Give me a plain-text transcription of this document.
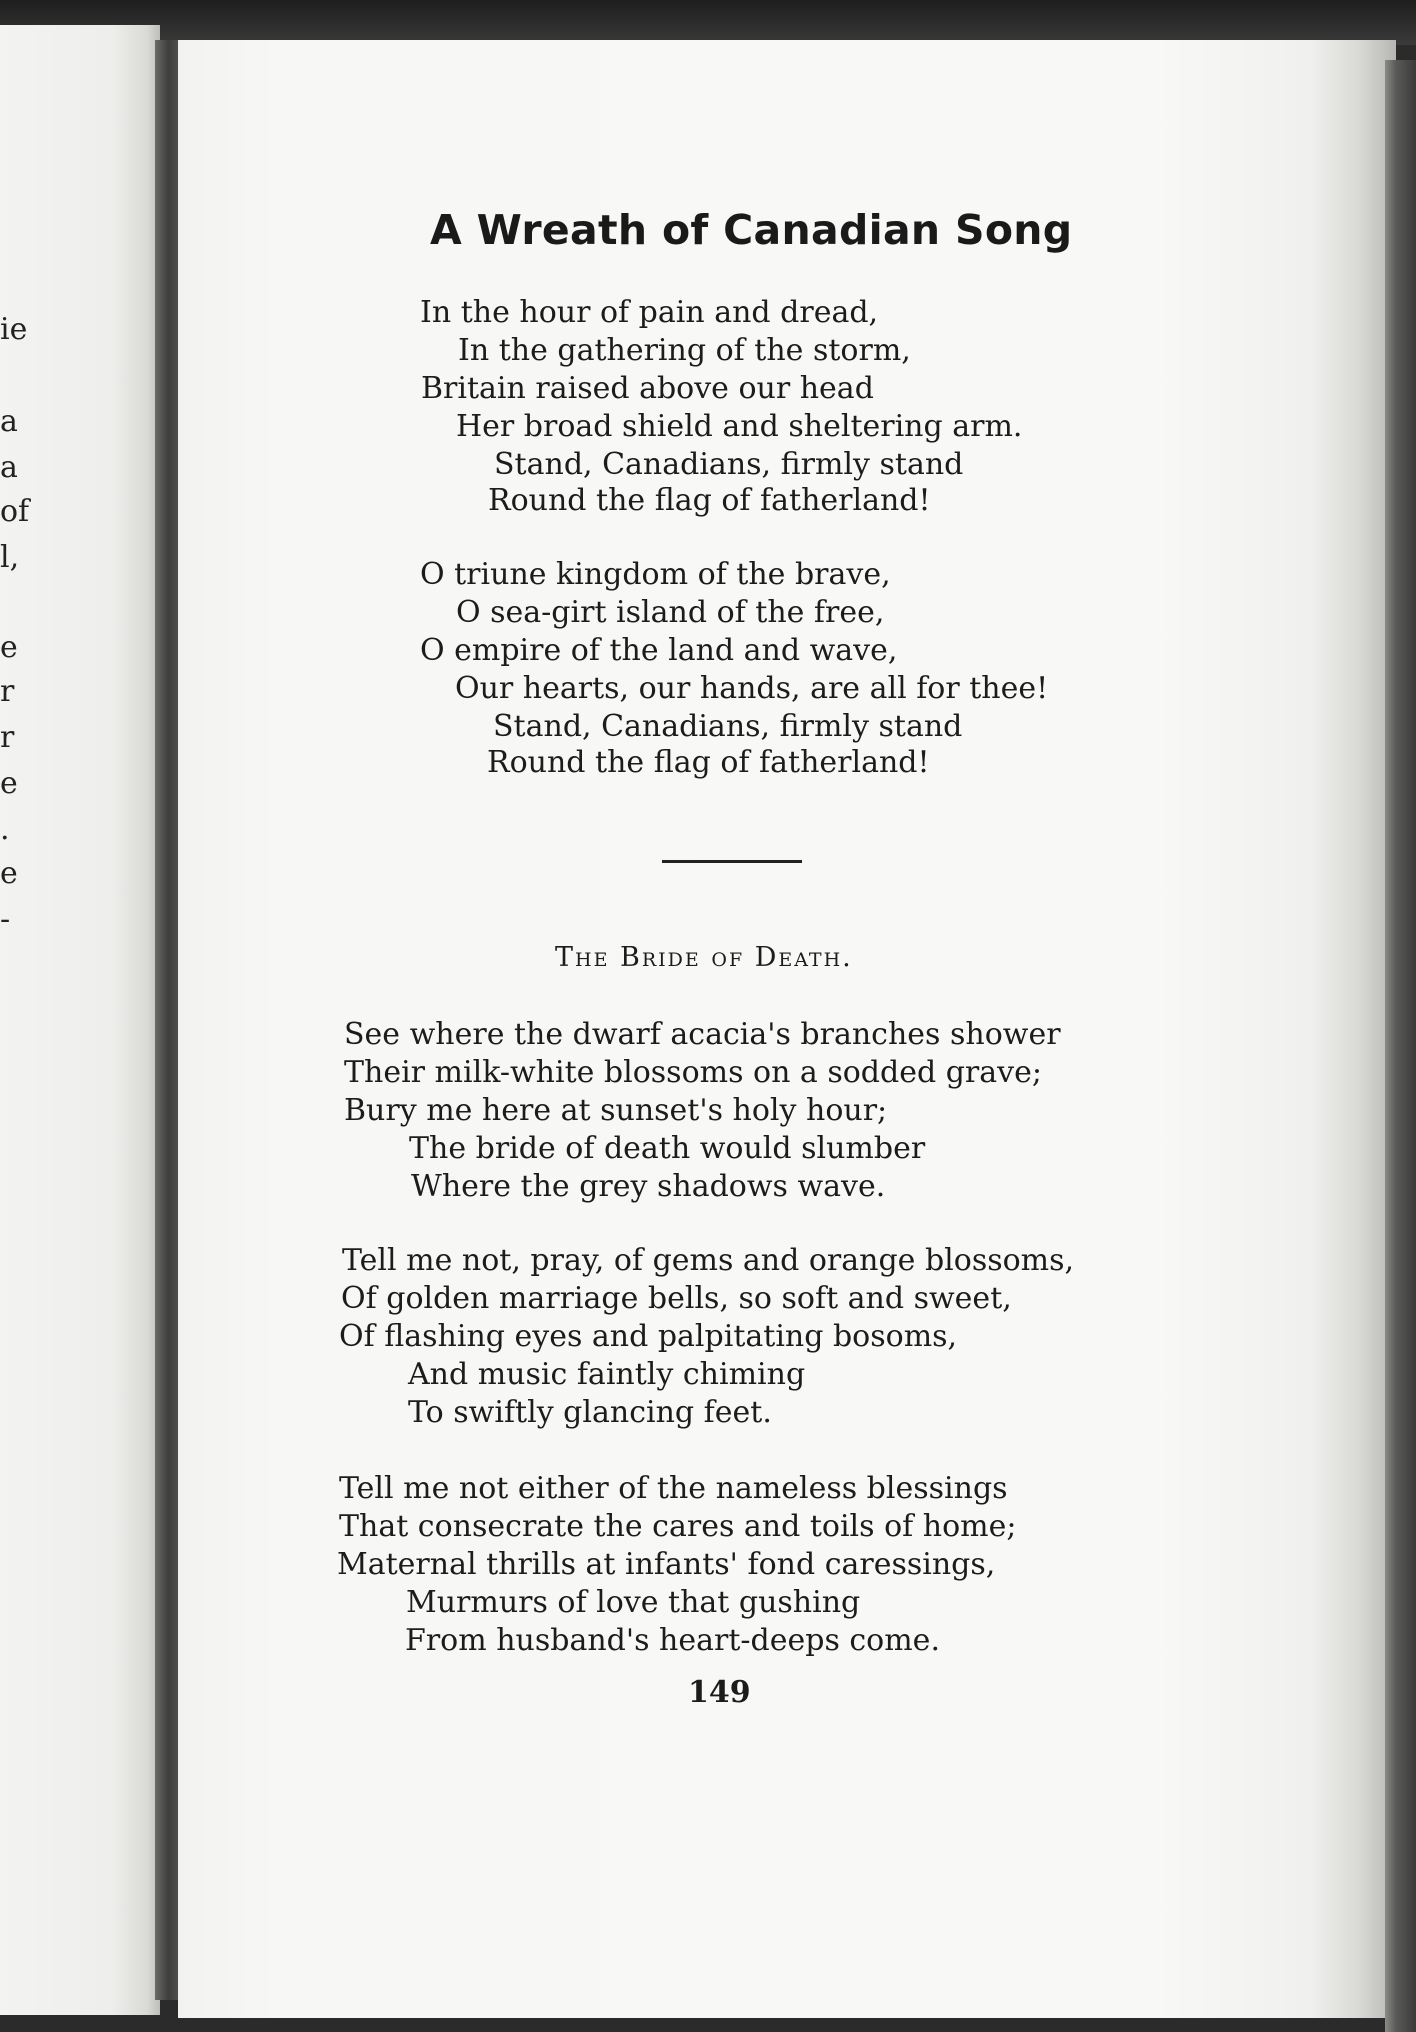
ie
a
a
of
l,
e
r
r
e
.
e
-
A Wreath of Canadian Song
In the hour of pain and dread,
In the gathering of the storm,
Britain raised above our head
Her broad shield and sheltering arm.
Stand, Canadians, firmly stand
Round the flag of fatherland!
O triune kingdom of the brave,
O sea-girt island of the free,
O empire of the land and wave,
Our hearts, our hands, are all for thee!
Stand, Canadians, firmly stand
Round the flag of fatherland!
The Bride of Death.
See where the dwarf acacia's branches shower
Their milk-white blossoms on a sodded grave;
Bury me here at sunset's holy hour;
The bride of death would slumber
Where the grey shadows wave.
Tell me not, pray, of gems and orange blossoms,
Of golden marriage bells, so soft and sweet,
Of flashing eyes and palpitating bosoms,
And music faintly chiming
To swiftly glancing feet.
Tell me not either of the nameless blessings
That consecrate the cares and toils of home;
Maternal thrills at infants' fond caressings,
Murmurs of love that gushing
From husband's heart-deeps come.
149
